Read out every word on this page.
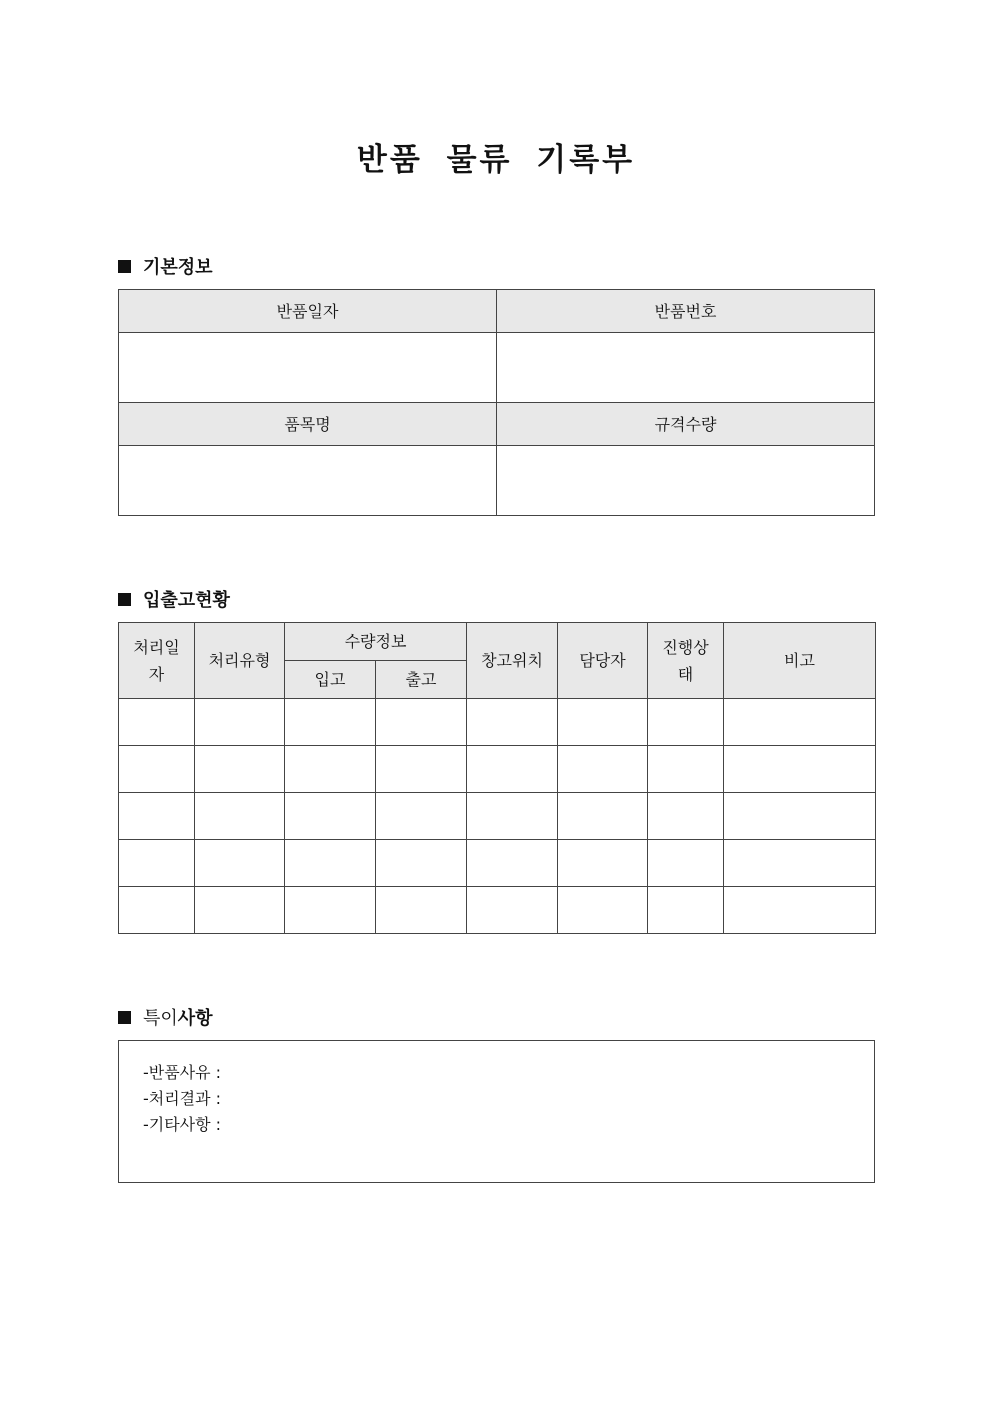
반품 물류 기록부
기본정보
반품일자	반품번호

품목명	규격수량

입출고현황
처리일자	처리유형	수량정보		창고위치	담당자	진행상태	비고
		입고	출고				

특이 사항
-반품사유 :
-처리결과 :
-기타사항 :
